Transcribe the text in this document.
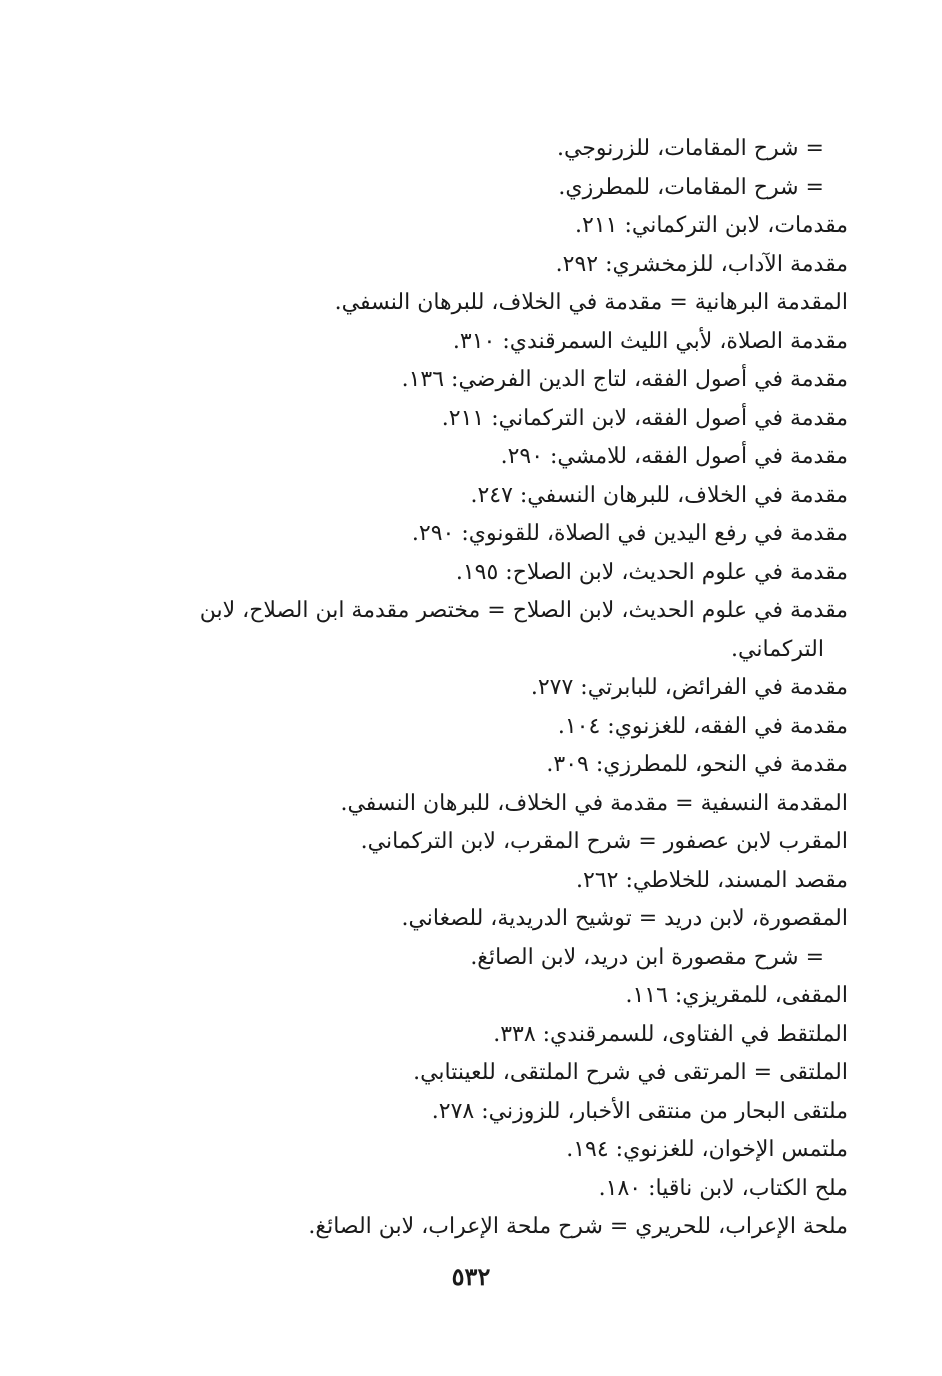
= شرح المقامات، للزرنوجي.

= شرح المقامات، للمطرزي.

مقدمات، لابن التركماني: ٢١١.

مقدمة الآداب، للزمخشري: ٢٩٢.

المقدمة البرهانية = مقدمة في الخلاف، للبرهان النسفي.

مقدمة الصلاة، لأبي الليث السمرقندي: ٣١٠.

مقدمة في أصول الفقه، لتاج الدين الفرضي: ١٣٦.

مقدمة في أصول الفقه، لابن التركماني: ٢١١.

مقدمة في أصول الفقه، للامشي: ٢٩٠.

مقدمة في الخلاف، للبرهان النسفي: ٢٤٧.

مقدمة في رفع اليدين في الصلاة، للقونوي: ٢٩٠.

مقدمة في علوم الحديث، لابن الصلاح: ١٩٥.

مقدمة في علوم الحديث، لابن الصلاح = مختصر مقدمة ابن الصلاح، لابن
التركماني.

مقدمة في الفرائض، للبابرتي: ٢٧٧.

مقدمة في الفقه، للغزنوي: ١٠٤.

مقدمة في النحو، للمطرزي: ٣٠٩.

المقدمة النسفية = مقدمة في الخلاف، للبرهان النسفي.

المقرب لابن عصفور = شرح المقرب، لابن التركماني.

مقصد المسند، للخلاطي: ٢٦٢.

المقصورة، لابن دريد = توشيح الدريدية، للصغاني.

= شرح مقصورة ابن دريد، لابن الصائغ.

المقفى، للمقريزي: ١١٦.

الملتقط في الفتاوى، للسمرقندي: ٣٣٨.

الملتقى = المرتقى في شرح الملتقى، للعينتابي.

ملتقى البحار من منتقى الأخبار، للزوزني: ٢٧٨.

ملتمس الإخوان، للغزنوي: ١٩٤.

ملح الكتاب، لابن ناقيا: ١٨٠.

ملحة الإعراب، للحريري = شرح ملحة الإعراب، لابن الصائغ.

٥٣٢
